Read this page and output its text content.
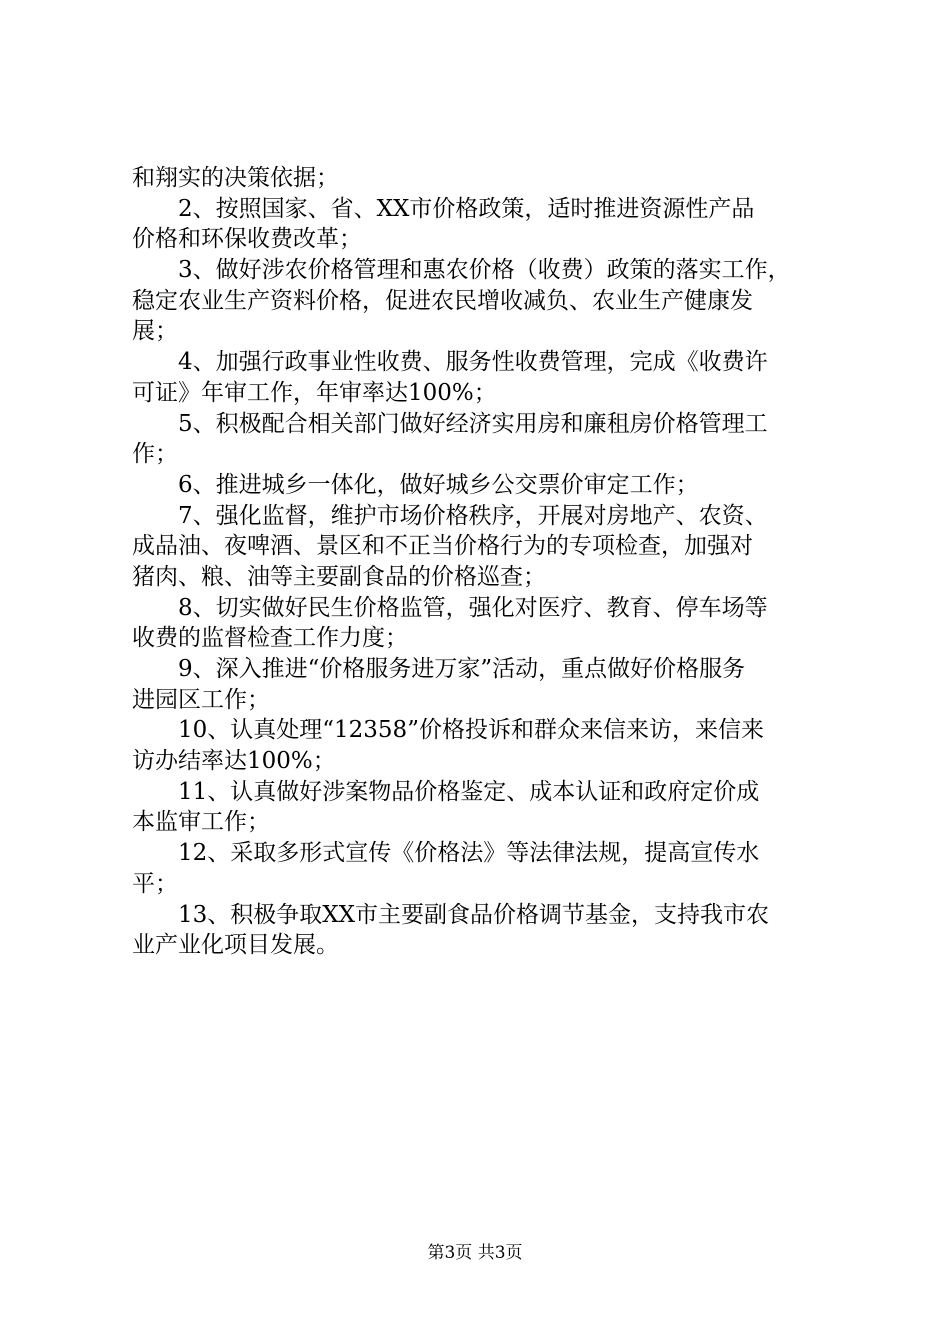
和翔实的决策依据；
2、按照国家、省、XX市价格政策，适时推进资源性产品
价格和环保收费改革；
3、做好涉农价格管理和惠农价格（收费）政策的落实工作，
稳定农业生产资料价格，促进农民增收减负、农业生产健康发
展；
4、加强行政事业性收费、服务性收费管理，完成《收费许
可证》年审工作，年审率达100%；
5、积极配合相关部门做好经济实用房和廉租房价格管理工
作；
6、推进城乡一体化，做好城乡公交票价审定工作；
7、强化监督，维护市场价格秩序，开展对房地产、农资、
成品油、夜啤酒、景区和不正当价格行为的专项检查，加强对
猪肉、粮、油等主要副食品的价格巡查；
8、切实做好民生价格监管，强化对医疗、教育、停车场等
收费的监督检查工作力度；
9、深入推进“价格服务进万家”活动，重点做好价格服务
进园区工作；
10、认真处理“12358”价格投诉和群众来信来访，来信来
访办结率达100%；
11、认真做好涉案物品价格鉴定、成本认证和政府定价成
本监审工作；
12、采取多形式宣传《价格法》等法律法规，提高宣传水
平；
13、积极争取XX市主要副食品价格调节基金，支持我市农
业产业化项目发展。
第3页 共3页
